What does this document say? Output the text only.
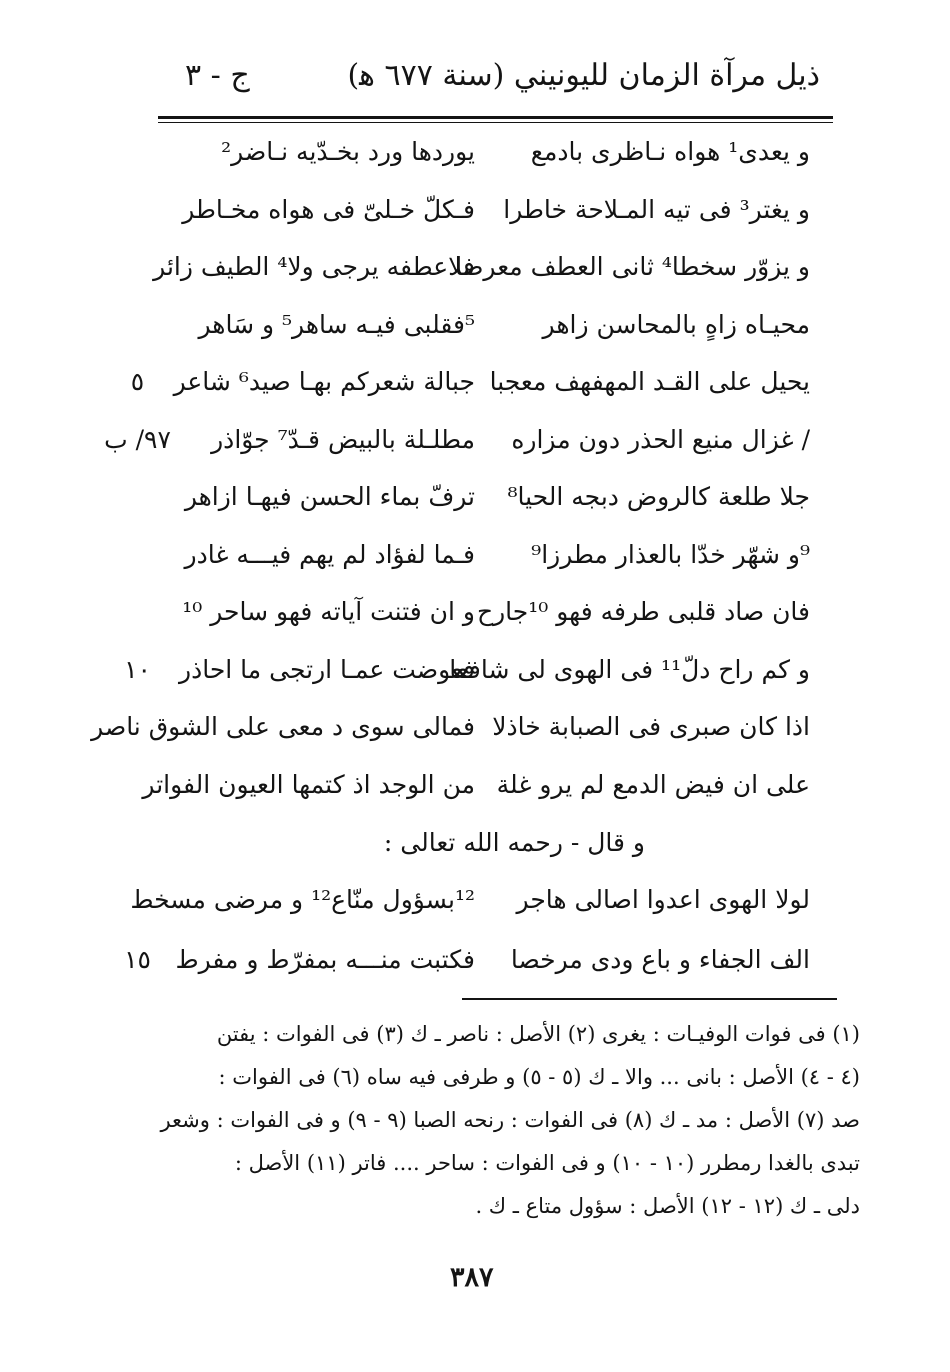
ذيل مرآة الزمان لليونيني (سنة ٦٧٧ ﻫ)
ج - ٣
و يعدى¹ هواه نـاظرى بادمع
يوردها ورد بخـدّيه نـاضر²
و يغتر³ فى تيه المـلاحة خاطرا
فـكلّ خـلىّ فى هواه مخـاطر
و يزوّر سخطا⁴ ثانى العطف معرضا
فلاعطفه يرجى ولا⁴ الطيف زائر
محيـاه زاهٍ بالمحاسن زاهر
⁵فقلبى فيـه ساهر⁵ و سَاهر
يحيل على القـد المهفهف معجبا
جبالة شعركم بهـا صيد⁶ شاعر
٥
/ غزال منيع الحذر دون مزاره
مطلـلة بالبيض قـدّ⁷ جوّاذر
٩٧/ ب
جلا طلعة كالروض دبجه الحيا⁸
ترفّ بماء الحسن فيهـا ازاهر
⁹و شهّر خدّا بالعذار مطرزا⁹
فـما لفؤاد لم يهم فيـــه غادر
فان صاد قلبى طرفه فهو ¹⁰جارح
و ان فتنت آياته فهو ساحر ¹⁰
و كم راح دلّ¹¹ فى الهوى لى شافعا
فعوضت عمـا ارتجى ما احاذر
١٠
اذا كان صبرى فى الصبابة خاذلا
فمالى سوى د معى على الشوق ناصر
على ان فيض الدمع لم يرو غلة
من الوجد اذ كتمها العيون الفواتر
و قال - رحمه الله تعالى :
لولا الهوى اعدوا اصالى هاجر
¹²بسؤول منّاع¹² و مرضى مسخط
الف الجفاء و باع ودى مرخصا
فكتبت منـــه بمفرّط و مفرط
١٥
(١) فى فوات الوفيـات : يغرى (٢) الأصل : ناصر ـ ك (٣) فى الفوات : يفتن
(٤ - ٤) الأصل : بانى ... والا ـ ك (٥ - ٥) و طرفى فيه ساه (٦) فى الفوات :
صد (٧) الأصل : مد ـ ك (٨) فى الفوات : رنحه الصبا (٩ - ٩) و فى الفوات : وشعر
تبدى بالغدا رمطرر (١٠ - ١٠) و فى الفوات : ساحر .... فاتر (١١) الأصل :
دلى ـ ك (١٢ - ١٢) الأصل : سؤول متاع ـ ك .
٣٨٧
